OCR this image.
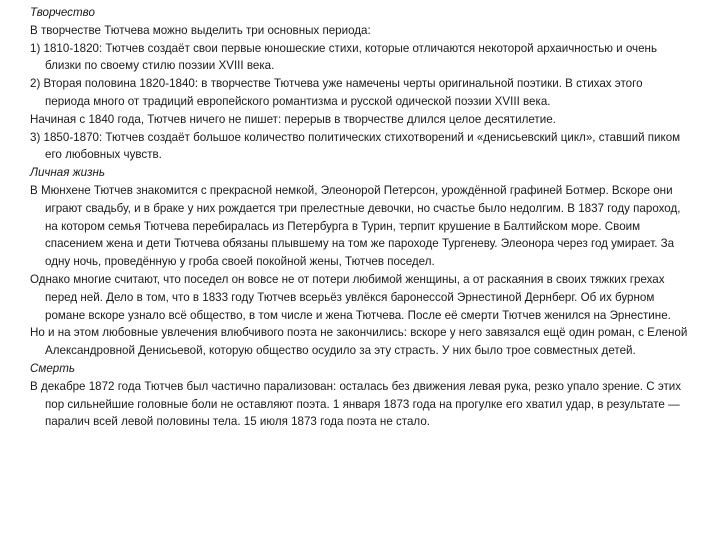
Творчество

В творчестве Тютчева можно выделить три основных периода:

1) 1810-1820: Тютчев создаёт свои первые юношеские стихи, которые отличаются некоторой архаичностью и очень близки по своему стилю поэзии XVIII века.

2) Вторая половина 1820-1840: в творчестве Тютчева уже намечены черты оригинальной поэтики. В стихах этого периода много от традиций европейского романтизма и русской одической поэзии XVIII века.

Начиная с 1840 года, Тютчев ничего не пишет: перерыв в творчестве длился целое десятилетие.

3) 1850-1870: Тютчев создаёт большое количество политических стихотворений и «денисьевский цикл», ставший пиком его любовных чувств.

Личная жизнь

В Мюнхене Тютчев знакомится с прекрасной немкой, Элеонорой Петерсон, урождённой графиней Ботмер. Вскоре они играют свадьбу, и в браке у них рождается три прелестные девочки, но счастье было недолгим. В 1837 году пароход, на котором семья Тютчева перебиралась из Петербурга в Турин, терпит крушение в Балтийском море. Своим спасением жена и дети Тютчева обязаны плывшему на том же пароходе Тургеневу. Элеонора через год умирает. За одну ночь, проведённую у гроба своей покойной жены, Тютчев поседел.

Однако многие считают, что поседел он вовсе не от потери любимой женщины, а от раскаяния в своих тяжких грехах перед ней. Дело в том, что в 1833 году Тютчев всерьёз увлёкся баронессой Эрнестиной Дернберг. Об их бурном романе вскоре узнало всё общество, в том числе и жена Тютчева. После её смерти Тютчев женился на Эрнестине.

Но и на этом любовные увлечения влюбчивого поэта не закончились: вскоре у него завязался ещё один роман, с Еленой Александровной Денисьевой, которую общество осудило за эту страсть. У них было трое совместных детей.

Смерть

В декабре 1872 года Тютчев был частично парализован: осталась без движения левая рука, резко упало зрение. С этих пор сильнейшие головные боли не оставляют поэта. 1 января 1873 года на прогулке его хватил удар, в результате — паралич всей левой половины тела. 15 июля 1873 года поэта не стало.
